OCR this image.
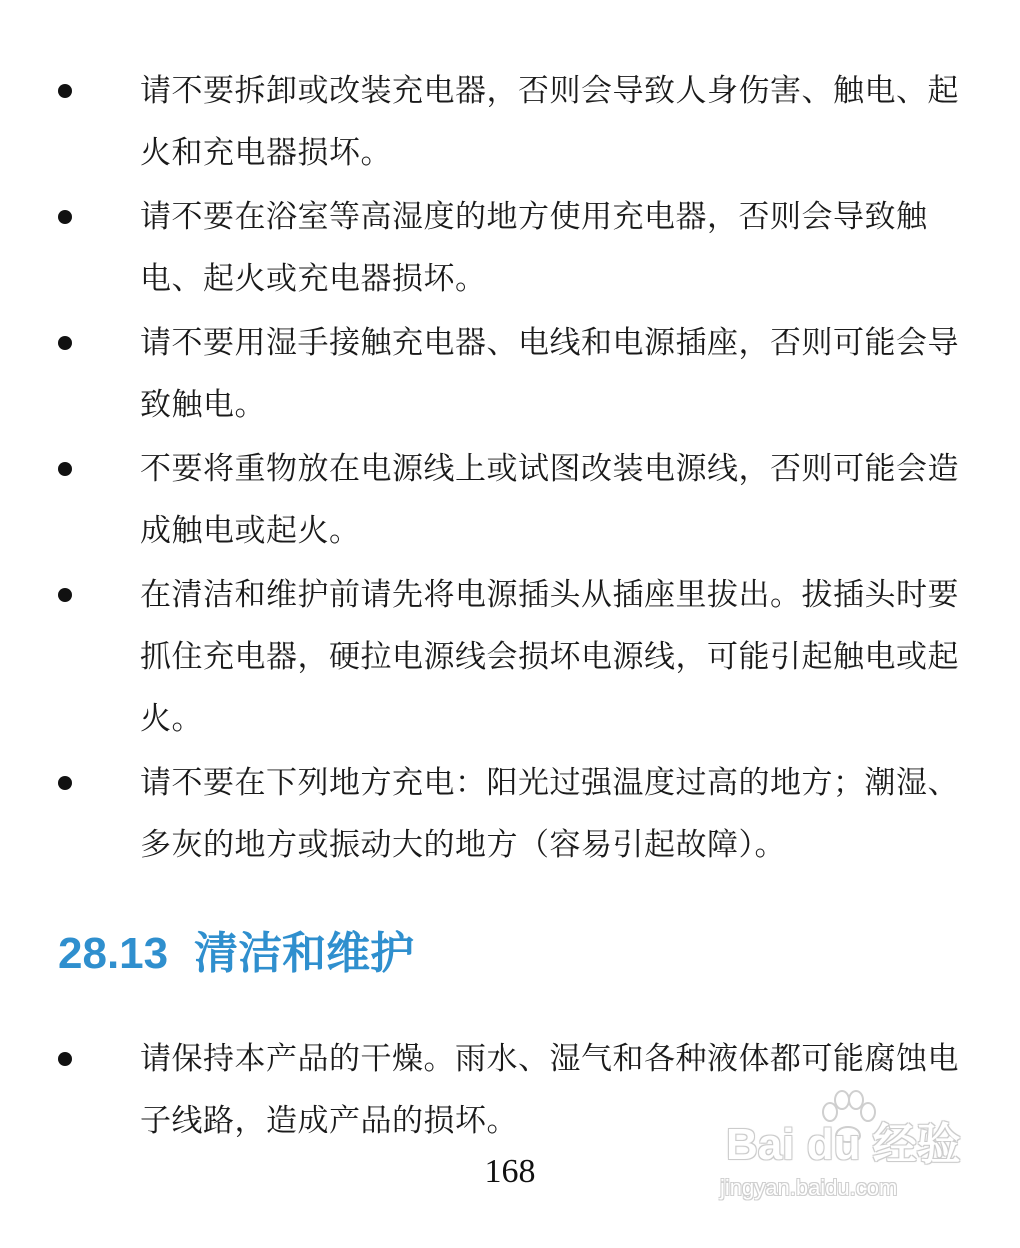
请不要拆卸或改装充电器，否则会导致人身伤害、触电、起火和充电器损坏。
请不要在浴室等高湿度的地方使用充电器，否则会导致触电、起火或充电器损坏。
请不要用湿手接触充电器、电线和电源插座，否则可能会导致触电。
不要将重物放在电源线上或试图改装电源线，否则可能会造成触电或起火。
在清洁和维护前请先将电源插头从插座里拔出。拔插头时要抓住充电器，硬拉电源线会损坏电源线，可能引起触电或起火。
请不要在下列地方充电：阳光过强温度过高的地方；潮湿、多灰的地方或振动大的地方（容易引起故障）。
28.13 清洁和维护
请保持本产品的干燥。雨水、湿气和各种液体都可能腐蚀电子线路，造成产品的损坏。
168
Bai du 经验
jingyan.baidu.com
